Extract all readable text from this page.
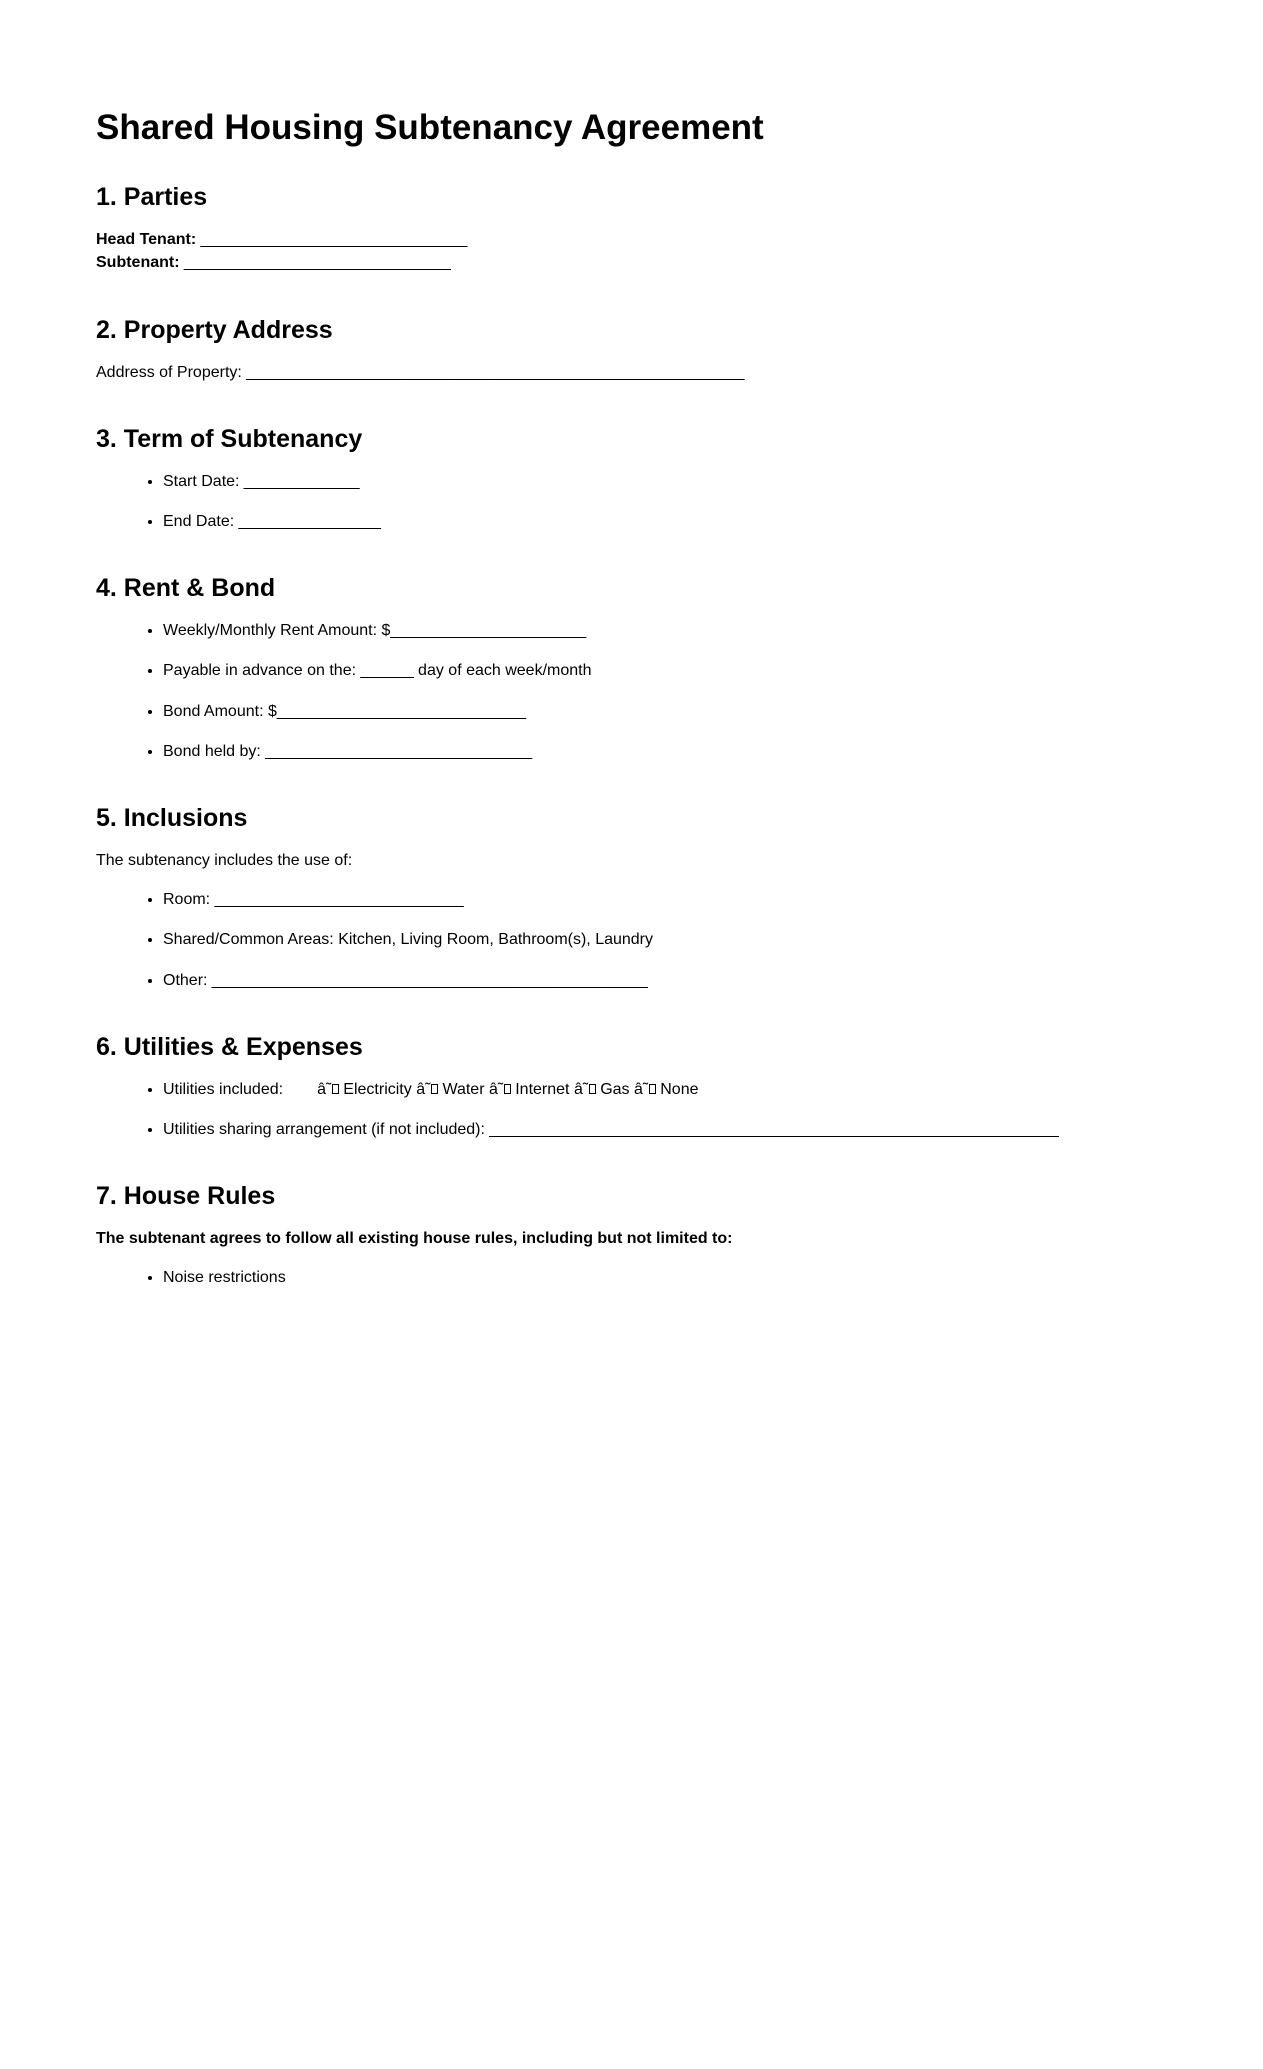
Shared Housing Subtenancy Agreement
1. Parties

Head Tenant: ______________________________
Subtenant: ______________________________

2. Property Address

Address of Property: ________________________________________________________

3. Term of Subtenancy
• Start Date: _____________
• End Date: ________________
4. Rent & Bond
• Weekly/Monthly Rent Amount: $______________________
• Payable in advance on the: ______ day of each week/month
• Bond Amount: $____________________________
• Bond held by: ______________________________
5. Inclusions

The subtenancy includes the use of:

• Room: ____________________________
• Shared/Common Areas: Kitchen, Living Room, Bathroom(s), Laundry
• Other: _________________________________________________
6. Utilities & Expenses
• Utilities included: â˜ Electricity â˜ Water â˜ Internet â˜ Gas â˜ None
• Utilities sharing arrangement (if not included): ________________________________________________________________
7. House Rules

The subtenant agrees to follow all existing house rules, including but not limited to:

• Noise restrictions
